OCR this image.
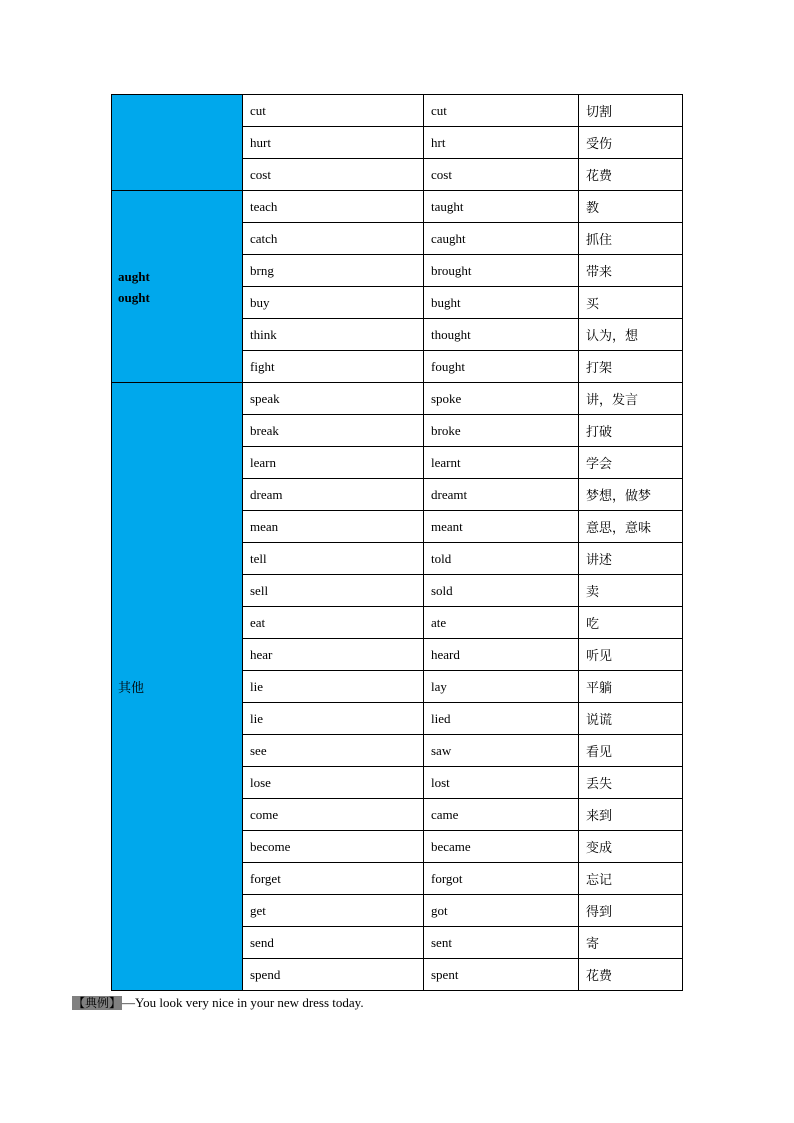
	cut	cut	切割
	hurt	hrt	受伤
	cost	cost	花费

aught
ought	teach	taught	教
	catch	caught	抓住
	brng	brought	带来
	buy	bught	买
	think	thought	认为，想
	fight	fought	打架

其他	speak	spoke	讲，发言
	break	broke	打破
	learn	learnt	学会
	dream	dreamt	梦想，做梦
	mean	meant	意思，意味
	tell	told	讲述
	sell	sold	卖
	eat	ate	吃
	hear	heard	听见
	lie	lay	平躺
	lie	lied	说谎
	see	saw	看见
	lose	lost	丢失
	come	came	来到
	become	became	变成
	forget	forgot	忘记
	get	got	得到
	send	sent	寄
	spend	spent	花费
【典例】—You look very nice in your new dress today.
